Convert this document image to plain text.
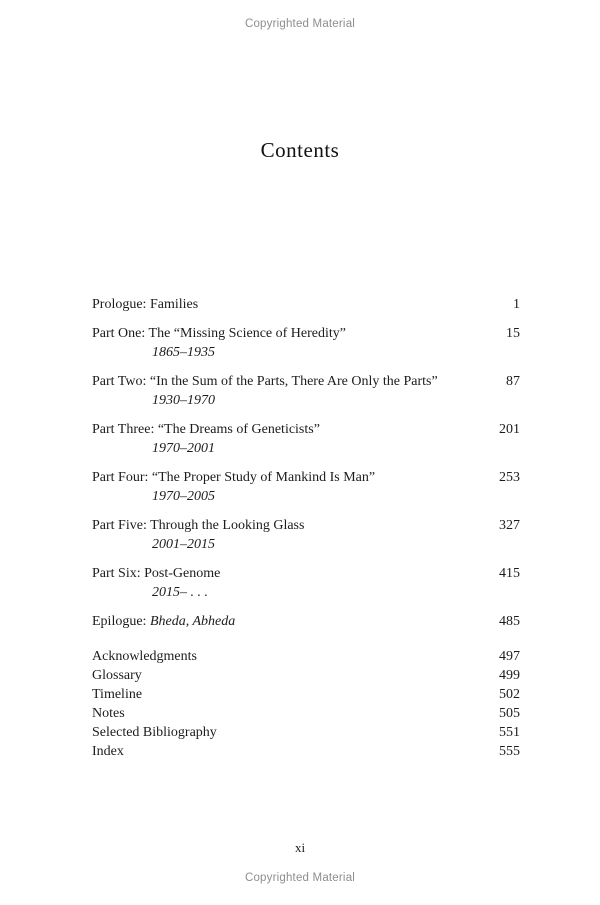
Copyrighted Material
Contents
Prologue: Families	1
Part One: The “Missing Science of Heredity”	15
1865–1935
Part Two: “In the Sum of the Parts, There Are Only the Parts”	87
1930–1970
Part Three: “The Dreams of Geneticists”	201
1970–2001
Part Four: “The Proper Study of Mankind Is Man”	253
1970–2005
Part Five: Through the Looking Glass	327
2001–2015
Part Six: Post-Genome	415
2015– . . .
Epilogue: Bheda, Abheda	485
Acknowledgments	497
Glossary	499
Timeline	502
Notes	505
Selected Bibliography	551
Index	555
xi
Copyrighted Material
